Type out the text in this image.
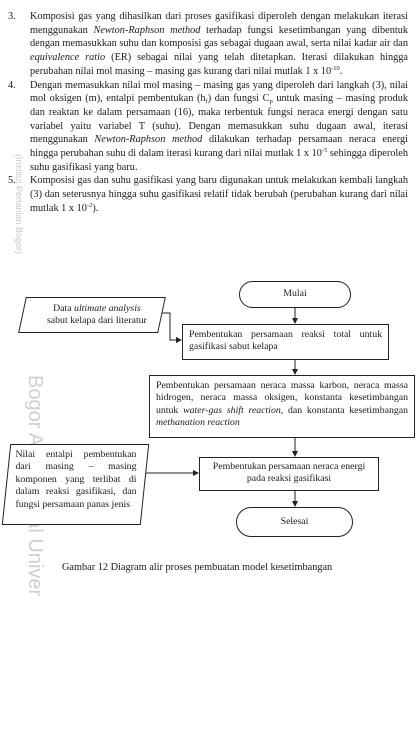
(Institut Pertanian Bogor)
3.	Komposisi gas yang dihasilkan dari proses gasifikasi diperoleh dengan melakukan iterasi menggunakan Newton-Raphson method terhadap fungsi kesetimbangan yang dibentuk dengan memasukkan suhu dan komposisi gas sebagai dugaan awal, serta nilai kadar air dan equivalence ratio (ER) sebagai nilai yang telah ditetapkan. Iterasi dilakukan hingga perubahan nilai mol masing – masing gas kurang dari nilai mutlak 1 x $10^{-10}$.

4.	Dengan memasukkan nilai mol masing – masing gas yang diperoleh dari langkah (3), nilai mol oksigen (m), entalpi pembentukan $(h_f)$ dan fungsi $C_p$ untuk masing – masing produk dan reaktan ke dalam persamaan (16), maka terbentuk fungsi neraca energi dengan satu variabel yaitu variabel T (suhu). Dengan memasukkan suhu dugaan awal, iterasi menggunakan Newton-Raphson method dilakukan terhadap persamaan neraca energi hingga perubahan suhu di dalam iterasi kurang dari nilai mutlak 1 x $10^{-5}$ sehingga diperoleh suhu gasifikasi yang baru.

5.	Komposisi gas dan suhu gasifikasi yang baru digunakan untuk melakukan kembali langkah (3) dan seterusnya hingga suhu gasifikasi relatif tidak berubah (perubahan kurang dari nilai mutlak 1 x $10^{-2}$).

Mulai
Data ultimate analysis
sabut kelapa dari literatur
Pembentukan persamaan reaksi total untuk gasifikasi sabut kelapa
Pembentukan persamaan neraca massa karbon, neraca massa hidrogen, neraca massa oksigen, konstanta kesetimbangan untuk water-gas shift reaction, dan konstanta kesetimbangan methanation reaction
Nilai entalpi pembentukan dari masing – masing komponen yang terlibat di dalam reaksi gasifikasi, dan fungsi persamaan panas jenis
Pembentukan persamaan neraca energi pada reaksi gasifikasi
Selesai
Gambar 12 Diagram alir proses pembuatan model kesetimbangan
